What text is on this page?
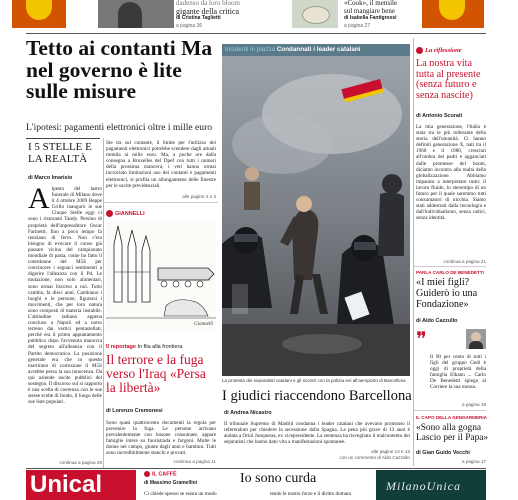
dadenso da loro bloom
gigante della critica
di Cristina Taglietti
a pagina 36
«Cook», il mensile
sul mangiare bene
di Isabella Fantigrossi
a pagina 27
Tetto ai contanti Ma nel governo è lite sulle misure
L'ipotesi: pagamenti elettronici oltre i mille euro
I 5 STELLE E LA REALTÀ
di Marco Imarisio
A lpesto del lastro funerale di Milano dove il 4 ottobre 2009 Beppe Grillo inaugurò le sue Cinque Stelle oggi ci sono i ristoranti Tandy. Persino di proprietà dell'imprenditore Oscar Farinetti, fino a poco tempo fa renziano di ferro. Non c'era bisogno di evocare il conso già passare vicino del campionato mondiale di pasta, come ho fatto il coterdonne del M5S per convincere i seguaci sentimenti a digerire l'alleanza con il Pd. Le mutazione, non solo alimentari, sono ormai liscorso a noi. Tutto cambia, fa dieci anni. Cambiano i luoghi e le persone, figurarsi i movimenti, che per loro natura sono composti di materia instabile. L'abitudine radiano appena concluso a Napoli ed a notro terreno dai vertici pentastellati, perché era il primo appuntamento pubblico dopo l'avvenuta manovra del segreto all'alleanza con il Partito democratico. La posizione generale era che in questo martirano di correzione il M5S avrebbe perso la sua innocenza. Da qui aziende uscite pubblici del sostegno. Il discorso sul si rapporto è una scelta di coerenza con le sue stesse scelte di fondo, il luogo delle sue liste popolari.
continua a pagina 28
Ste tra sul contante, il limite per l'utilizzo dei pagamenti elettronici potrebbe scendere dagli attuali tremila ai mille euro. Ma, a poche ore dalla consegna a Bruxelles del Dpef con tutti i numeri della prossima manovra, i veti hanno ormai incrociato limitazioni uso dei contanti e pagamenti elettronici, si profila un allungamento delle finestre per le uscite previdenziali.
alle pagine 2 e 3
GIANNELLI
Giannelli
Il reportage In fila alla frontiera
Il terrore e la fuga verso l'Iraq «Persa la libertà»
di Lorenzo Cremonesi
Sono quasi quattrocento documenti la regola per prevenire la fuga. Le persone arrivano prevalentemente con busone consumate, appare famiglie intere su fuoristrada e furgoni. Molte le donne nel campo, giunte dagli anni e bambini. Tutti sono incredibilmente stanchi e provati.
continua a pagina 11
Incidenti in piazza Condannati i leader catalani
La protesta dei separatisti catalani e gli scontri con la polizia ieri all'aeroporto di Barcellona
I giudici riaccendono Barcellona
di Andrea Nicastro
Il tribunale Supremo di Madrid condanna i leader catalani che avevano promosso il referendum per chiedere la secessione dalla Spagna. La pena più grave di 13 anni è andata a Oriol Junqueras, ex vicepresidente. La sentenza ha risvegliato il malcontento dei separatisti che hanno dato vita a manifestazioni spontanee.
alle pagine 12 e 13
con un commento di Aldo Cazzullo
La riflessione
La nostra vita tutta al presente (senza futuro e senza nascite)
di Antonio Scurati
La mia generazione, l'Italia è stata tra le più tollerante della storia dell'umanità. Ci hanno definiti generazione X, nati tra il 1960 e il 1980, cresciuti all'ombra dei padri e agganciati dalle promesse del boom, diciamo incontro alla realtà della globalizzazione. Abbiamo imparato a interpretare tutto: il lavoro fluido, lo stereotipo di un futuro per il quale saremmo tutti consumatori di nicchia. Siamo stati addestrati dalla tecnologia e dall'individualismo, senza radici, senza identità.
continua a pagina 21
PARLA CARLO DE BENEDETTI
«I miei figli? Guiderò io una Fondazione»
di Aldo Cazzullo
❞
Il 90 per cento di tutti i figli del gruppo Gedi è oggi di proprietà della famiglia Elkann ... Carlo De Benedetti spiega al Corriere la sua mossa.
a pagina 19
IL CAPO DELLA GENDARMERIA
«Sono alla gogna Lascio per il Papa»
di Gian Guido Vecchi
a pagina 17
Unical	IL CAFFÈ
di Massimo Gramellini	Io sono curda
Ci chiede spesso se esista un modo	tendo le nostre forze e il diritto domani
MilanoUnica
